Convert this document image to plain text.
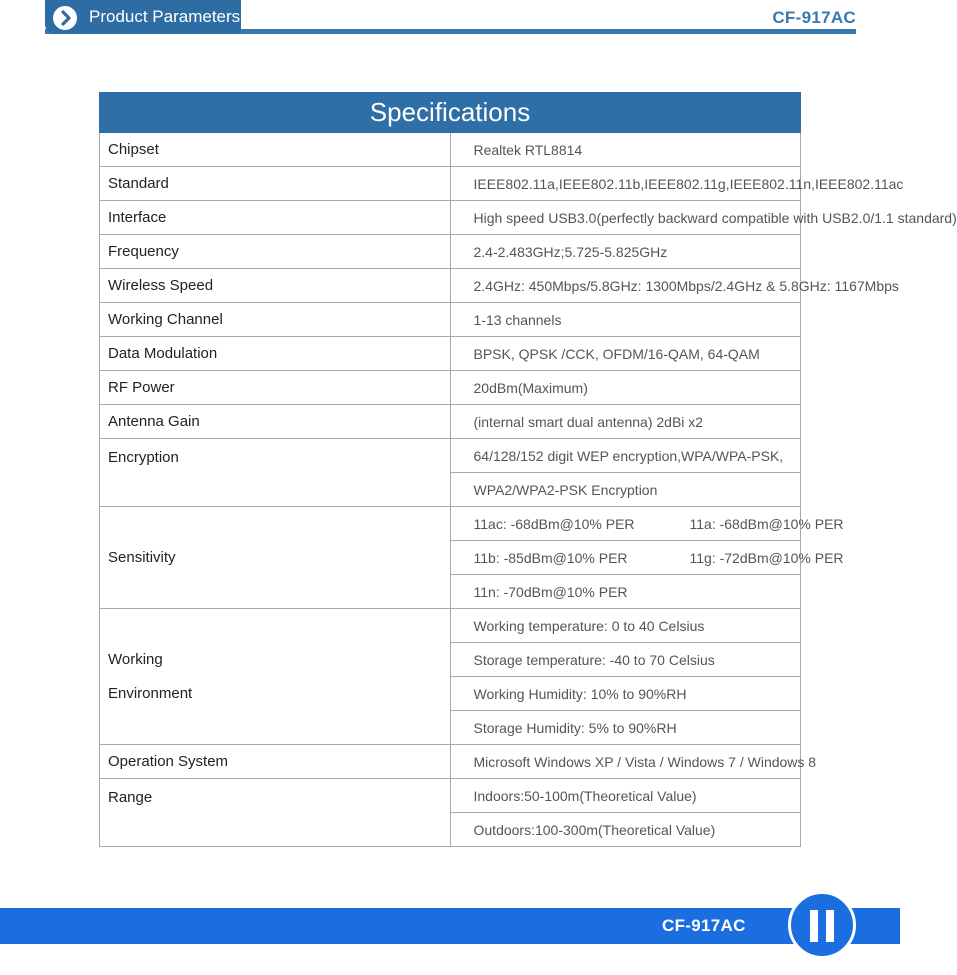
Product Parameters	CF-917AC
Specifications	
Chipset	Realtek RTL8814
Standard	IEEE802.11a,IEEE802.11b,IEEE802.11g,IEEE802.11n,IEEE802.11ac
Interface	High speed USB3.0(perfectly backward compatible with USB2.0/1.1 standard)
Frequency	2.4-2.483GHz;5.725-5.825GHz
Wireless Speed	2.4GHz: 450Mbps/5.8GHz: 1300Mbps/2.4GHz & 5.8GHz: 1167Mbps
Working Channel	1-13 channels
Data Modulation	BPSK, QPSK /CCK, OFDM/16-QAM, 64-QAM
RF Power	20dBm(Maximum)
Antenna Gain	(internal smart dual antenna) 2dBi x2
Encryption	64/128/152 digit WEP encryption,WPA/WPA-PSK,
	WPA2/WPA2-PSK Encryption
Sensitivity	11ac: -68dBm@10% PER 11a: -68dBm@10% PER
	11b: -85dBm@10% PER 11g: -72dBm@10% PER
	11n: -70dBm@10% PER

Working
Environment	Working temperature: 0 to 40 Celsius
	Storage temperature: -40 to 70 Celsius
	Working Humidity: 10% to 90%RH
	Storage Humidity: 5% to 90%RH
Operation System	Microsoft Windows XP / Vista / Windows 7 / Windows 8
Range	Indoors:50-100m(Theoretical Value)
	Outdoors:100-300m(Theoretical Value)
CF-917AC
